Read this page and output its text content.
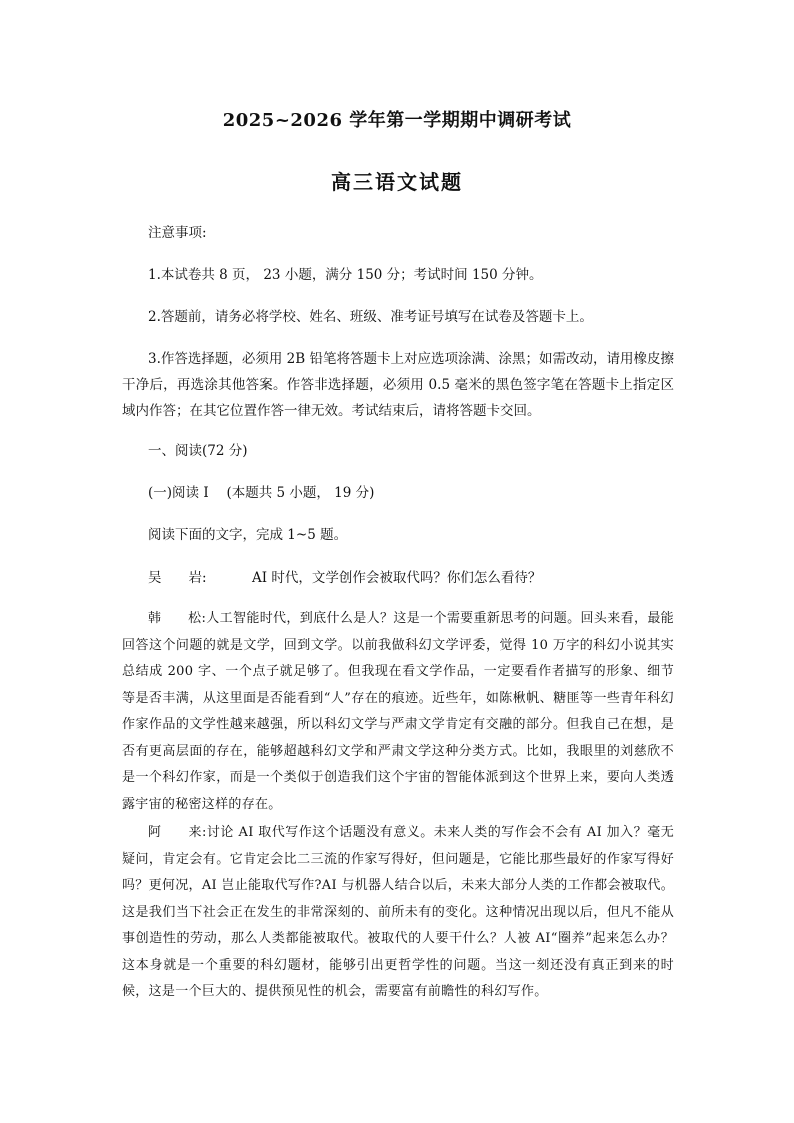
2025~2026 学年第一学期期中调研考试
高三语文试题
注意事项:
1.本试卷共 8 页， 23 小题，满分 150 分；考试时间 150 分钟。
2.答题前，请务必将学校、姓名、班级、准考证号填写在试卷及答题卡上。
3.作答选择题，必须用 2B 铅笔将答题卡上对应选项涂满、涂黑；如需改动，请用橡皮擦干净后，再选涂其他答案。作答非选择题，必须用 0.5 毫米的黑色签字笔在答题卡上指定区域内作答；在其它位置作答一律无效。考试结束后，请将答题卡交回。
一、阅读(72 分)
(一)阅读 I　 (本题共 5 小题， 19 分)
阅读下面的文字，完成 1~5 题。
吴　　岩:	AI 时代，文学创作会被取代吗？你们怎么看待？
韩　　松:人工智能时代，到底什么是人？这是一个需要重新思考的问题。回头来看，最能回答这个问题的就是文学，回到文学。以前我做科幻文学评委，觉得 10 万字的科幻小说其实总结成 200 字、一个点子就足够了。但我现在看文学作品，一定要看作者描写的形象、细节等是否丰满，从这里面是否能看到“人”存在的痕迹。近些年，如陈楸帆、糖匪等一些青年科幻作家作品的文学性越来越强，所以科幻文学与严肃文学肯定有交融的部分。但我自己在想，是否有更高层面的存在，能够超越科幻文学和严肃文学这种分类方式。比如，我眼里的刘慈欣不是一个科幻作家，而是一个类似于创造我们这个宇宙的智能体派到这个世界上来，要向人类透露宇宙的秘密这样的存在。
阿　　来:讨论 AI 取代写作这个话题没有意义。未来人类的写作会不会有 AI 加入？毫无疑问，肯定会有。它肯定会比二三流的作家写得好，但问题是，它能比那些最好的作家写得好吗？更何况，AI 岂止能取代写作?AI 与机器人结合以后，未来大部分人类的工作都会被取代。这是我们当下社会正在发生的非常深刻的、前所未有的变化。这种情况出现以后，但凡不能从事创造性的劳动，那么人类都能被取代。被取代的人要干什么？人被 AI“圈养”起来怎么办？这本身就是一个重要的科幻题材，能够引出更哲学性的问题。当这一刻还没有真正到来的时候，这是一个巨大的、提供预见性的机会，需要富有前瞻性的科幻写作。
